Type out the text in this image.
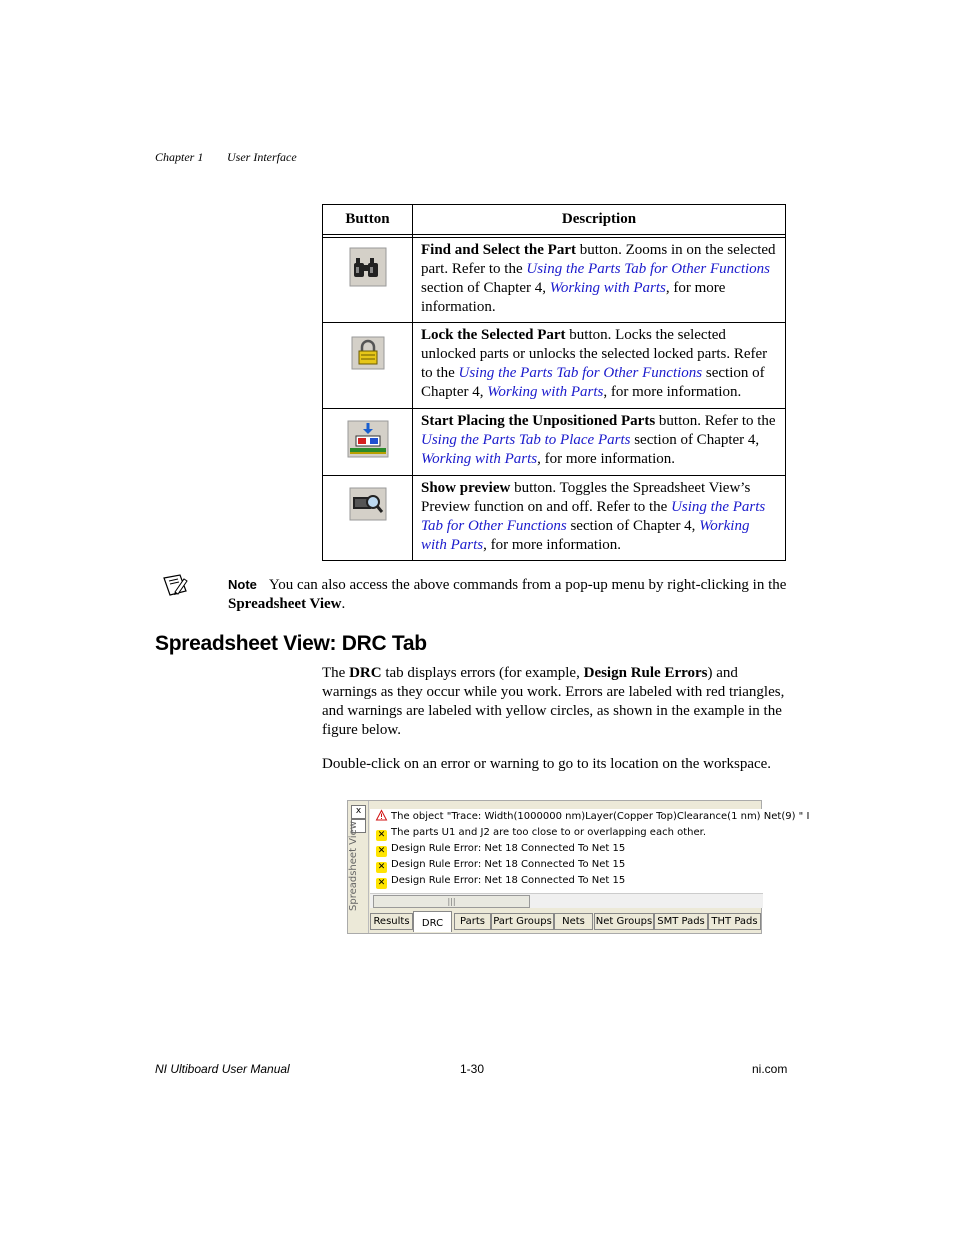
Chapter 1 User Interface
Button	Description

	Find and Select the Part button. Zooms in on the selected part. Refer to the Using the Parts Tab for Other Functions section of Chapter 4, Working with Parts, for more information.
	Lock the Selected Part button. Locks the selected unlocked parts or unlocks the selected locked parts. Refer to the Using the Parts Tab for Other Functions section of Chapter 4, Working with Parts, for more information.
	Start Placing the Unpositioned Parts button. Refer to the Using the Parts Tab to Place Parts section of Chapter 4, Working with Parts, for more information.
	Show preview button. Toggles the Spreadsheet View’s Preview function on and off. Refer to the Using the Parts Tab for Other Functions section of Chapter 4, Working with Parts, for more information.
Note You can also access the above commands from a pop-up menu by right-clicking in the Spreadsheet View.
Spreadsheet View: DRC Tab

The DRC tab displays errors (for example, Design Rule Errors) and warnings as they occur while you work. Errors are labeled with red triangles, and warnings are labeled with yellow circles, as shown in the example in the figure below.

Double-click on an error or warning to go to its location on the workspace.

x
Spreadsheet View
The object "Trace: Width(1000000 nm)Layer(Copper Top)Clearance(1 nm) Net(9) " I
✕ The parts U1 and J2 are too close to or overlapping each other.
✕ Design Rule Error: Net 18 Connected To Net 15
✕ Design Rule Error: Net 18 Connected To Net 15
✕ Design Rule Error: Net 18 Connected To Net 15
|||
Results	DRC	Parts Part Groups	Nets	Net Groups SMT Pads THT Pads
NI Ultiboard User Manual	1-30	ni.com
